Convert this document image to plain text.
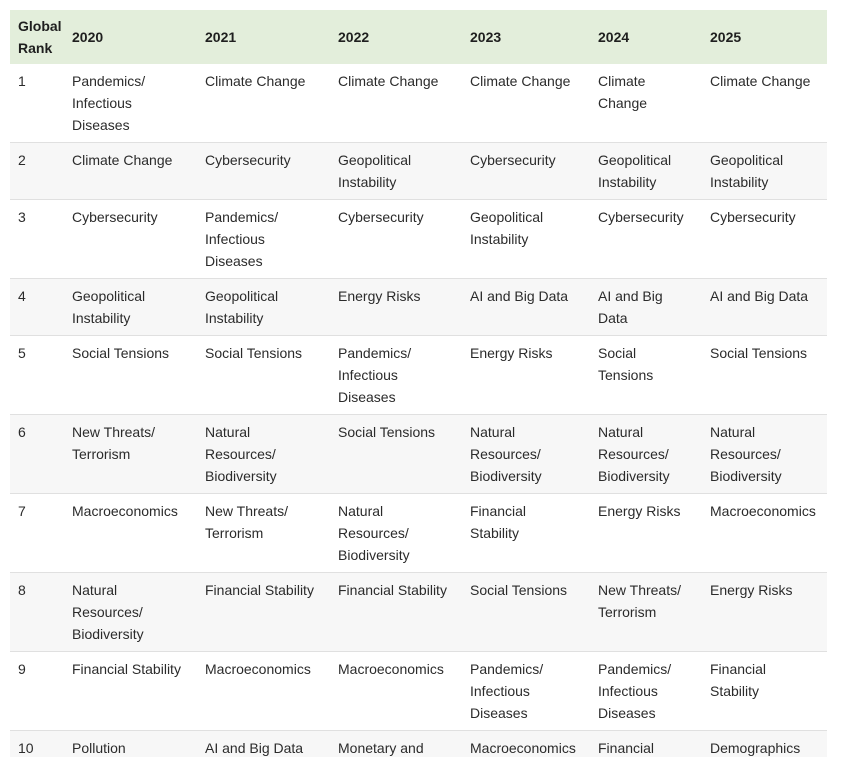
Global Rank	2020	2021	2022	2023	2024	2025
1	Pandemics/ Infectious Diseases	Climate Change	Climate Change	Climate Change	Climate Change	Climate Change
2	Climate Change	Cybersecurity	Geopolitical Instability	Cybersecurity	Geopolitical Instability	Geopolitical Instability
3	Cybersecurity	Pandemics/ Infectious Diseases	Cybersecurity	Geopolitical Instability	Cybersecurity	Cybersecurity
4	Geopolitical Instability	Geopolitical Instability	Energy Risks	AI and Big Data	AI and Big Data	AI and Big Data
5	Social Tensions	Social Tensions	Pandemics/ Infectious Diseases	Energy Risks	Social Tensions	Social Tensions
6	New Threats/ Terrorism	Natural Resources/ Biodiversity	Social Tensions	Natural Resources/ Biodiversity	Natural Resources/ Biodiversity	Natural Resources/ Biodiversity
7	Macroeconomics	New Threats/ Terrorism	Natural Resources/ Biodiversity	Financial Stability	Energy Risks	Macroeconomics
8	Natural Resources/ Biodiversity	Financial Stability	Financial Stability	Social Tensions	New Threats/ Terrorism	Energy Risks
9	Financial Stability	Macroeconomics	Macroeconomics	Pandemics/ Infectious Diseases	Pandemics/ Infectious Diseases	Financial Stability
10	Pollution	AI and Big Data	Monetary and	Macroeconomics	Financial	Demographics
